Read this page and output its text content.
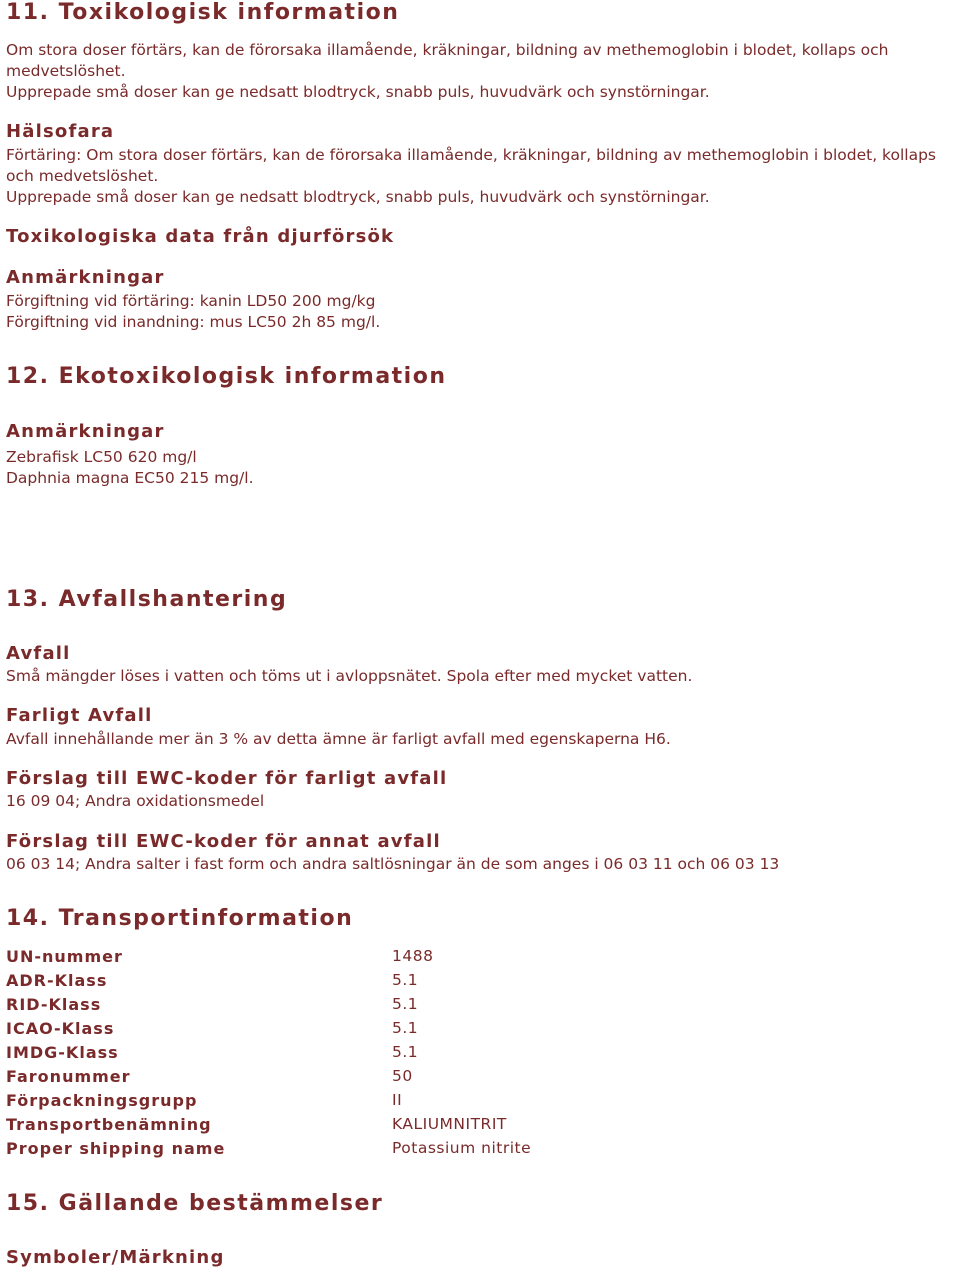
11. Toxikologisk information
Om stora doser förtärs, kan de förorsaka illamående, kräkningar, bildning av methemoglobin i blodet, kollaps och medvetslöshet.
Upprepade små doser kan ge nedsatt blodtryck, snabb puls, huvudvärk och synstörningar.
Hälsofara
Förtäring: Om stora doser förtärs, kan de förorsaka illamående, kräkningar, bildning av methemoglobin i blodet, kollaps och medvetslöshet.
Upprepade små doser kan ge nedsatt blodtryck, snabb puls, huvudvärk och synstörningar.
Toxikologiska data från djurförsök
Anmärkningar
Förgiftning vid förtäring: kanin LD50 200 mg/kg
Förgiftning vid inandning: mus LC50 2h 85 mg/l.
12. Ekotoxikologisk information
Anmärkningar
Zebrafisk LC50 620 mg/l
Daphnia magna EC50 215 mg/l.
13. Avfallshantering
Avfall
Små mängder löses i vatten och töms ut i avloppsnätet. Spola efter med mycket vatten.
Farligt Avfall
Avfall innehållande mer än 3 % av detta ämne är farligt avfall med egenskaperna H6.
Förslag till EWC-koder för farligt avfall
16 09 04; Andra oxidationsmedel
Förslag till EWC-koder för annat avfall
06 03 14; Andra salter i fast form och andra saltlösningar än de som anges i 06 03 11 och 06 03 13
14. Transportinformation
UN-nummer	1488
ADR-Klass	5.1
RID-Klass	5.1
ICAO-Klass	5.1
IMDG-Klass	5.1
Faronummer	50
Förpackningsgrupp	II
Transportbenämning	KALIUMNITRIT
Proper shipping name	Potassium nitrite
15. Gällande bestämmelser
Symboler/Märkning
